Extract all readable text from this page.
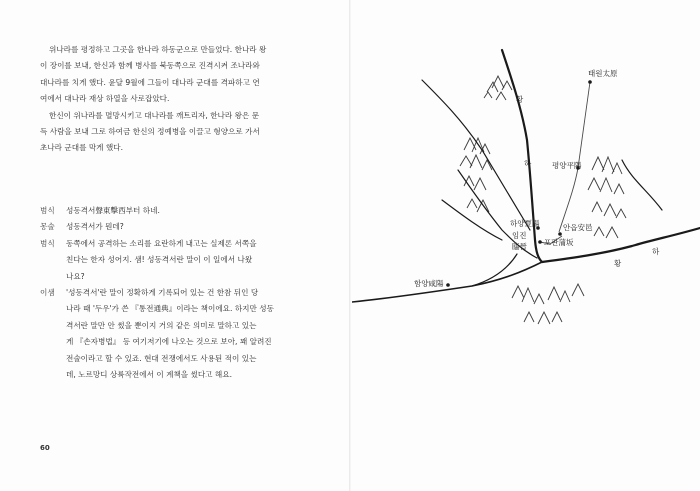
위나라를 평정하고 그곳을 한나라 하동군으로 만들었다. 한나라 왕
이 장이를 보내, 한신과 함께 병사를 북동쪽으로 진격시켜 조나라와
대나라를 치게 했다. 윤달 9월에 그들이 대나라 군대를 격파하고 연
여에서 대나라 재상 하열을 사로잡았다.

한신이 위나라를 멸망시키고 대나라를 깨트리자, 한나라 왕은 문
득 사람을 보내 그로 하여금 한신의 정예병을 이끌고 형양으로 가서
초나라 군대를 막게 했다.

범식	성동격서聲東擊西부터 하네.
몽술	성동격서가 뭔데?
범식	동쪽에서 공격하는 소리를 요란하게 내고는 실제론 서쪽을
친다는 한자 성어지. 샘! 성동격서란 말이 이 일에서 나왔
나요?
이샘	'성동격서'란 말이 정확하게 기록되어 있는 건 한참 뒤인 당
나라 때 '두우'가 쓴 『통전通典』이라는 책이에요. 하지만 성동
격서란 말만 안 썼을 뿐이지 거의 같은 의미로 말하고 있는
게 『손자병법』 등 여기저기에 나오는 것으로 보아, 꽤 알려진
전술이라고 할 수 있죠. 현대 전쟁에서도 사용된 적이 있는
데, 노르망디 상륙작전에서 이 계책을 썼다고 해요.
60
태원太原
황
하	평양平陽
하양夏陽
임진
臨晉
안읍安邑
포판蒲坂
황
하
함양咸陽
